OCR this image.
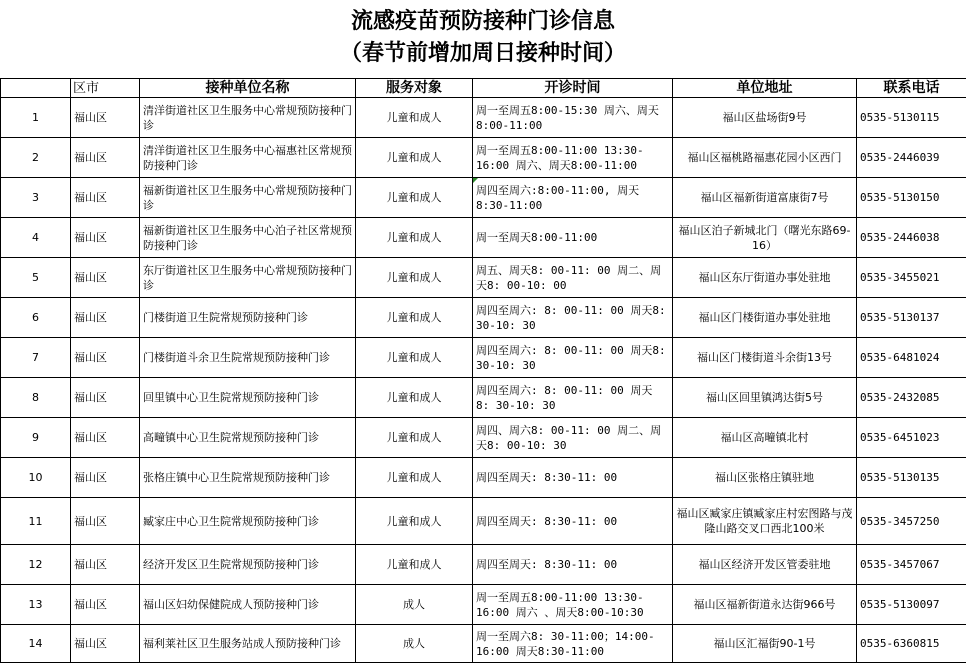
流感疫苗预防接种门诊信息
（春节前增加周日接种时间）
	区市	接种单位名称	服务对象	开诊时间	单位地址	联系电话
1	福山区	清洋街道社区卫生服务中心常规预防接种门诊	儿童和成人	周一至周五8:00-15:30 周六、周天8:00-11:00	福山区盐场街9号	0535-5130115
2	福山区	清洋街道社区卫生服务中心福惠社区常规预防接种门诊	儿童和成人	周一至周五8:00-11:00 13:30-16:00 周六、周天8:00-11:00	福山区福桃路福惠花园小区西门	0535-2446039
3	福山区	福新街道社区卫生服务中心常规预防接种门诊	儿童和成人	周四至周六:8:00-11:00, 周天8:30-11:00	福山区福新街道富康街7号	0535-5130150
4	福山区	福新街道社区卫生服务中心泊子社区常规预防接种门诊	儿童和成人	周一至周天8:00-11:00	福山区泊子新城北门（曙光东路69-16）	0535-2446038
5	福山区	东厅街道社区卫生服务中心常规预防接种门诊	儿童和成人	周五、周天8: 00-11: 00 周二、周天8: 00-10: 00	福山区东厅街道办事处驻地	0535-3455021
6	福山区	门楼街道卫生院常规预防接种门诊	儿童和成人	周四至周六: 8: 00-11: 00 周天8: 30-10: 30	福山区门楼街道办事处驻地	0535-5130137
7	福山区	门楼街道斗余卫生院常规预防接种门诊	儿童和成人	周四至周六: 8: 00-11: 00 周天8: 30-10: 30	福山区门楼街道斗余街13号	0535-6481024
8	福山区	回里镇中心卫生院常规预防接种门诊	儿童和成人	周四至周六: 8: 00-11: 00 周天 8: 30-10: 30	福山区回里镇鸿达街5号	0535-2432085
9	福山区	高疃镇中心卫生院常规预防接种门诊	儿童和成人	周四、周六8: 00-11: 00 周二、周天8: 00-10: 30	福山区高疃镇北村	0535-6451023
10	福山区	张格庄镇中心卫生院常规预防接种门诊	儿童和成人	周四至周天: 8:30-11: 00	福山区张格庄镇驻地	0535-5130135
11	福山区	臧家庄中心卫生院常规预防接种门诊	儿童和成人	周四至周天: 8:30-11: 00	福山区臧家庄镇臧家庄村宏图路与茂隆山路交叉口西北100米	0535-3457250
12	福山区	经济开发区卫生院常规预防接种门诊	儿童和成人	周四至周天: 8:30-11: 00	福山区经济开发区管委驻地	0535-3457067
13	福山区	福山区妇幼保健院成人预防接种门诊	成人	周一至周五8:00-11:00 13:30-16:00 周六 、周天8:00-10:30	福山区福新街道永达街966号	0535-5130097
14	福山区	福利莱社区卫生服务站成人预防接种门诊	成人	周一至周六8: 30-11:00；14:00-16:00 周天8:30-11:00	福山区汇福街90-1号	0535-6360815
